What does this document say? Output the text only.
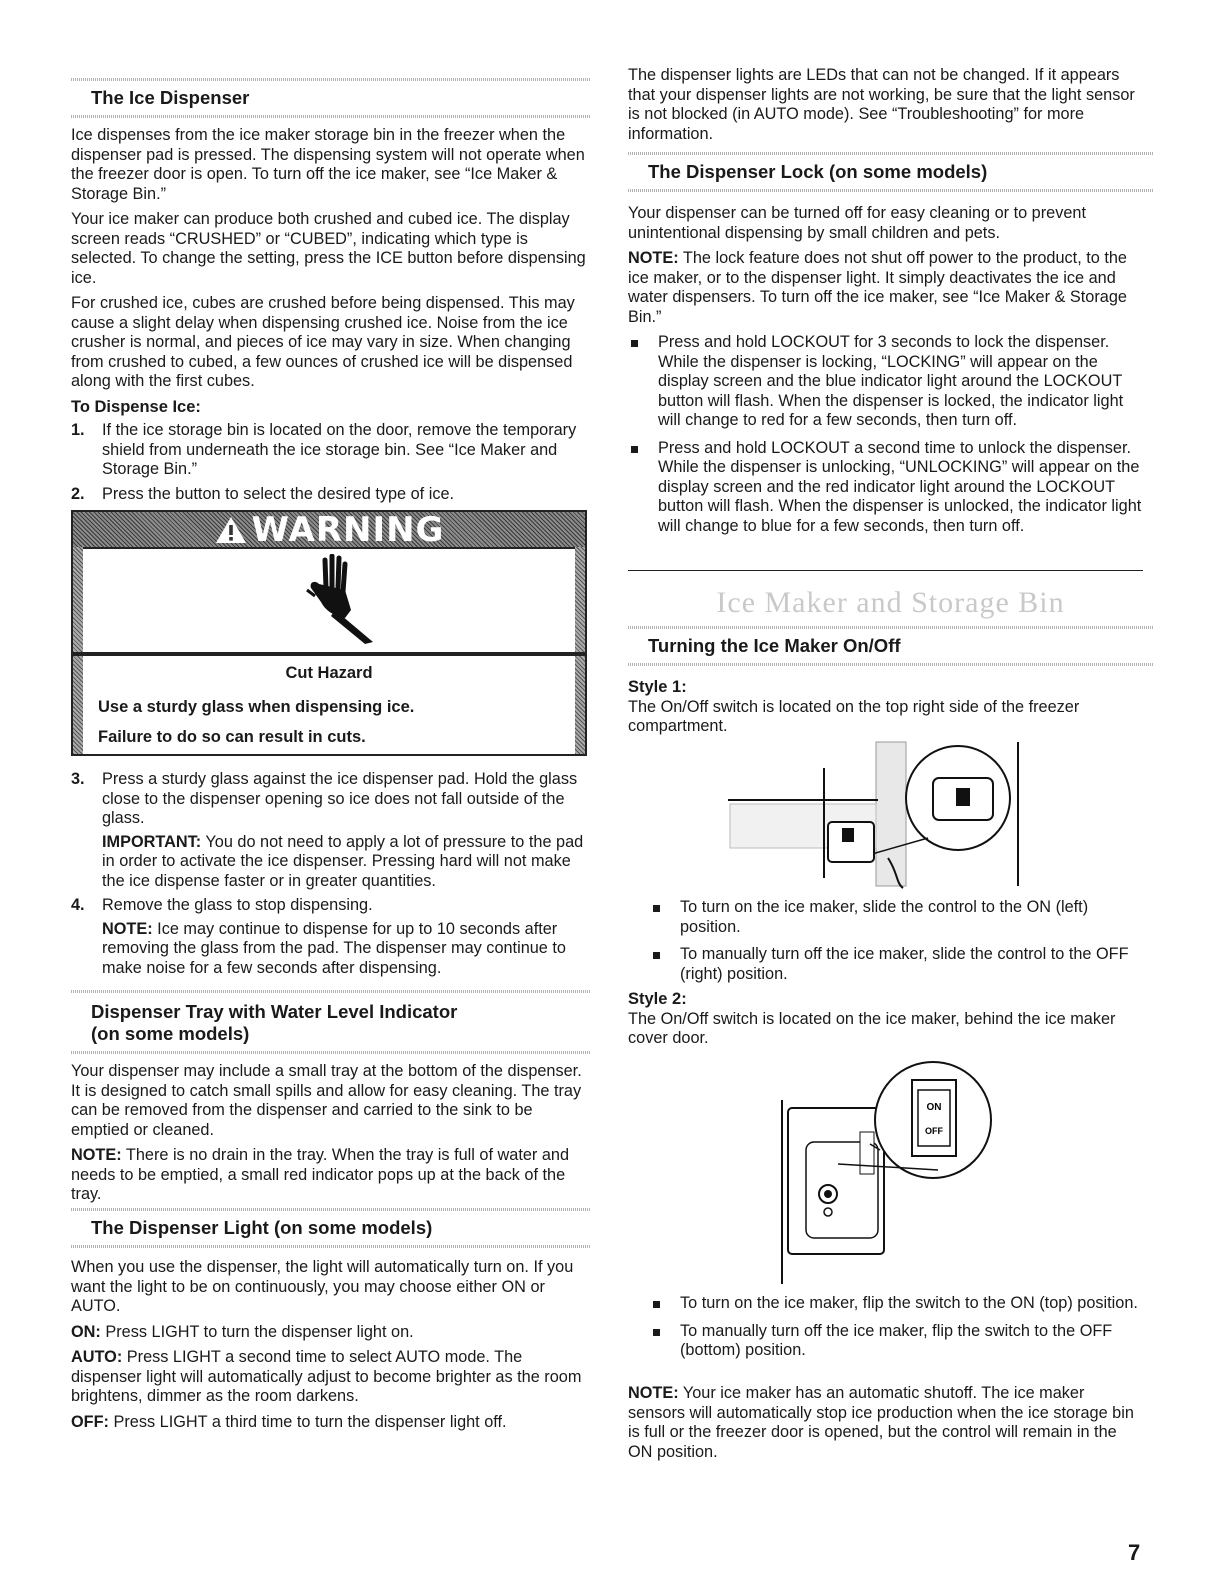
The Ice Dispenser

Ice dispenses from the ice maker storage bin in the freezer when the dispenser pad is pressed. The dispensing system will not operate when the freezer door is open. To turn off the ice maker, see “Ice Maker & Storage Bin.”

Your ice maker can produce both crushed and cubed ice. The display screen reads “CRUSHED” or “CUBED”, indicating which type is selected. To change the setting, press the ICE button before dispensing ice.

For crushed ice, cubes are crushed before being dispensed. This may cause a slight delay when dispensing crushed ice. Noise from the ice crusher is normal, and pieces of ice may vary in size. When changing from crushed to cubed, a few ounces of crushed ice will be dispensed along with the first cubes.

To Dispense Ice:

1. If the ice storage bin is located on the door, remove the temporary shield from underneath the ice storage bin. See “Ice Maker and Storage Bin.”
2. Press the button to select the desired type of ice.
WARNING
Cut Hazard
Use a sturdy glass when dispensing ice.
Failure to do so can result in cuts.
3. Press a sturdy glass against the ice dispenser pad. Hold the glass close to the dispenser opening so ice does not fall outside of the glass.
IMPORTANT: You do not need to apply a lot of pressure to the pad in order to activate the ice dispenser. Pressing hard will not make the ice dispense faster or in greater quantities.
4. Remove the glass to stop dispensing.
NOTE: Ice may continue to dispense for up to 10 seconds after removing the glass from the pad. The dispenser may continue to make noise for a few seconds after dispensing.
Dispenser Tray with Water Level Indicator
(on some models)

Your dispenser may include a small tray at the bottom of the dispenser. It is designed to catch small spills and allow for easy cleaning. The tray can be removed from the dispenser and carried to the sink to be emptied or cleaned.

NOTE: There is no drain in the tray. When the tray is full of water and needs to be emptied, a small red indicator pops up at the back of the tray.

The Dispenser Light (on some models)

When you use the dispenser, the light will automatically turn on. If you want the light to be on continuously, you may choose either ON or AUTO.

ON: Press LIGHT to turn the dispenser light on.

AUTO: Press LIGHT a second time to select AUTO mode. The dispenser light will automatically adjust to become brighter as the room brightens, dimmer as the room darkens.

OFF: Press LIGHT a third time to turn the dispenser light off.

The dispenser lights are LEDs that can not be changed. If it appears that your dispenser lights are not working, be sure that the light sensor is not blocked (in AUTO mode). See “Troubleshooting” for more information.

The Dispenser Lock (on some models)

Your dispenser can be turned off for easy cleaning or to prevent unintentional dispensing by small children and pets.

NOTE: The lock feature does not shut off power to the product, to the ice maker, or to the dispenser light. It simply deactivates the ice and water dispensers. To turn off the ice maker, see “Ice Maker & Storage Bin.”

Press and hold LOCKOUT for 3 seconds to lock the dispenser. While the dispenser is locking, “LOCKING” will appear on the display screen and the blue indicator light around the LOCKOUT button will flash. When the dispenser is locked, the indicator light will change to red for a few seconds, then turn off.
Press and hold LOCKOUT a second time to unlock the dispenser. While the dispenser is unlocking, “UNLOCKING” will appear on the display screen and the red indicator light around the LOCKOUT button will flash. When the dispenser is unlocked, the indicator light will change to blue for a few seconds, then turn off.
Ice Maker and Storage Bin
Turning the Ice Maker On/Off

Style 1:

The On/Off switch is located on the top right side of the freezer compartment.

To turn on the ice maker, slide the control to the ON (left) position.
To manually turn off the ice maker, slide the control to the OFF (right) position.

Style 2:

The On/Off switch is located on the ice maker, behind the ice maker cover door.

ON
OFF
To turn on the ice maker, flip the switch to the ON (top) position.
To manually turn off the ice maker, flip the switch to the OFF (bottom) position.

NOTE: Your ice maker has an automatic shutoff. The ice maker sensors will automatically stop ice production when the ice storage bin is full or the freezer door is opened, but the control will remain in the ON position.

7
